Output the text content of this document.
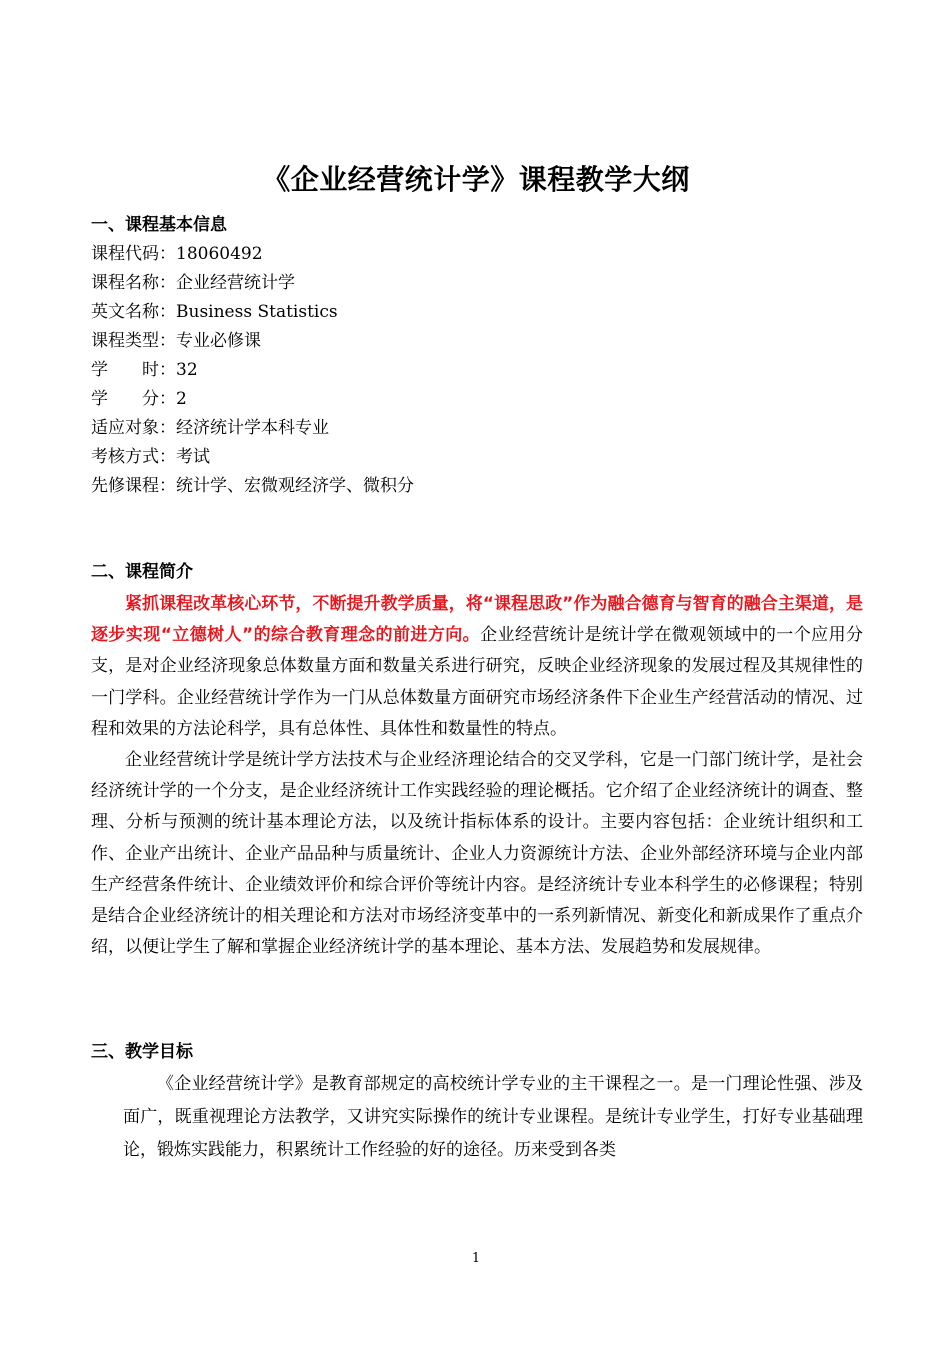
《企业经营统计学》课程教学大纲
一、课程基本信息
课程代码：18060492
课程名称：企业经营统计学
英文名称：Business Statistics
课程类型：专业必修课
学　　时：32
学　　分：2
适应对象：经济统计学本科专业
考核方式：考试
先修课程：统计学、宏微观经济学、微积分
二、课程简介

紧抓课程改革核心环节，不断提升教学质量，将“课程思政”作为融合德育与智育的融合主渠道，是逐步实现“立德树人”的综合教育理念的前进方向。企业经营统计是统计学在微观领域中的一个应用分支，是对企业经济现象总体数量方面和数量关系进行研究，反映企业经济现象的发展过程及其规律性的一门学科。企业经营统计学作为一门从总体数量方面研究市场经济条件下企业生产经营活动的情况、过程和效果的方法论科学，具有总体性、具体性和数量性的特点。

企业经营统计学是统计学方法技术与企业经济理论结合的交叉学科，它是一门部门统计学，是社会经济统计学的一个分支，是企业经济统计工作实践经验的理论概括。它介绍了企业经济统计的调查、整理、分析与预测的统计基本理论方法，以及统计指标体系的设计。主要内容包括：企业统计组织和工作、企业产出统计、企业产品品种与质量统计、企业人力资源统计方法、企业外部经济环境与企业内部生产经营条件统计、企业绩效评价和综合评价等统计内容。是经济统计专业本科学生的必修课程；特别是结合企业经济统计的相关理论和方法对市场经济变革中的一系列新情况、新变化和新成果作了重点介绍，以便让学生了解和掌握企业经济统计学的基本理论、基本方法、发展趋势和发展规律。

三、教学目标

《企业经营统计学》是教育部规定的高校统计学专业的主干课程之一。是一门理论性强、涉及面广，既重视理论方法教学，又讲究实际操作的统计专业课程。是统计专业学生，打好专业基础理论，锻炼实践能力，积累统计工作经验的好的途径。历来受到各类

1
